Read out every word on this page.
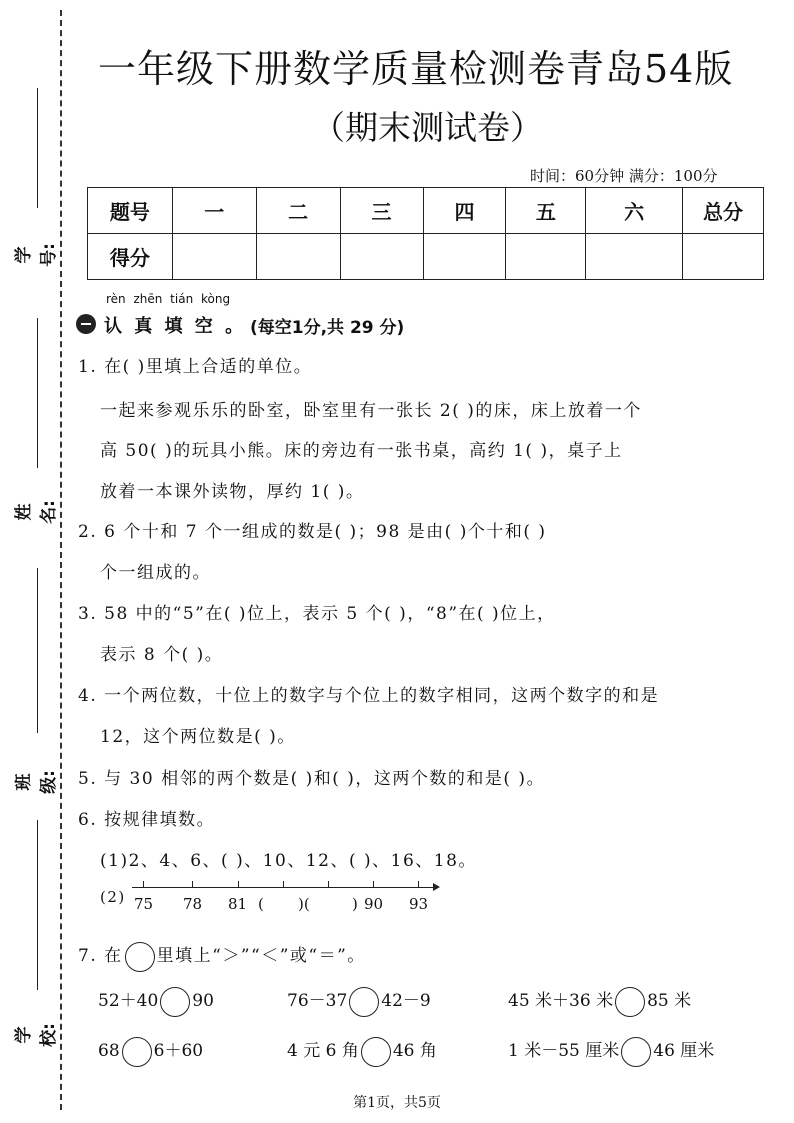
学号:
姓名:
班级:
学校:
一年级下册数学质量检测卷青岛54版
（期末测试卷）
时间：60分钟 满分：100分
题号	一	二	三	四	五	六	总分
得分							
rèn zhēn tián kòng
认 真 填 空 。 (每空1分,共 29 分)
1. 在( )里填上合适的单位。
一起来参观乐乐的卧室，卧室里有一张长 2( )的床，床上放着一个
高 50( )的玩具小熊。床的旁边有一张书桌，高约 1( )，桌子上
放着一本课外读物，厚约 1( )。
2. 6 个十和 7 个一组成的数是( )；98 是由( )个十和( )
个一组成的。
3. 58 中的“5”在( )位上，表示 5 个( )，“8”在( )位上，
表示 8 个( )。
4. 一个两位数，十位上的数字与个位上的数字相同，这两个数字的和是
12，这个两位数是( )。
5. 与 30 相邻的两个数是( )和( )，这两个数的和是( )。
6. 按规律填数。
(1)2、4、6、( )、10、12、( )、16、18。
(2) 75 78 81 ( )(	) 90 93
7. 在 里填上“＞”“＜”或“＝”。
52＋40 90	76－37 42－9	45 米＋36 米 85 米
68 6＋60	4 元 6 角 46 角	1 米－55 厘米 46 厘米
第1页，共5页
